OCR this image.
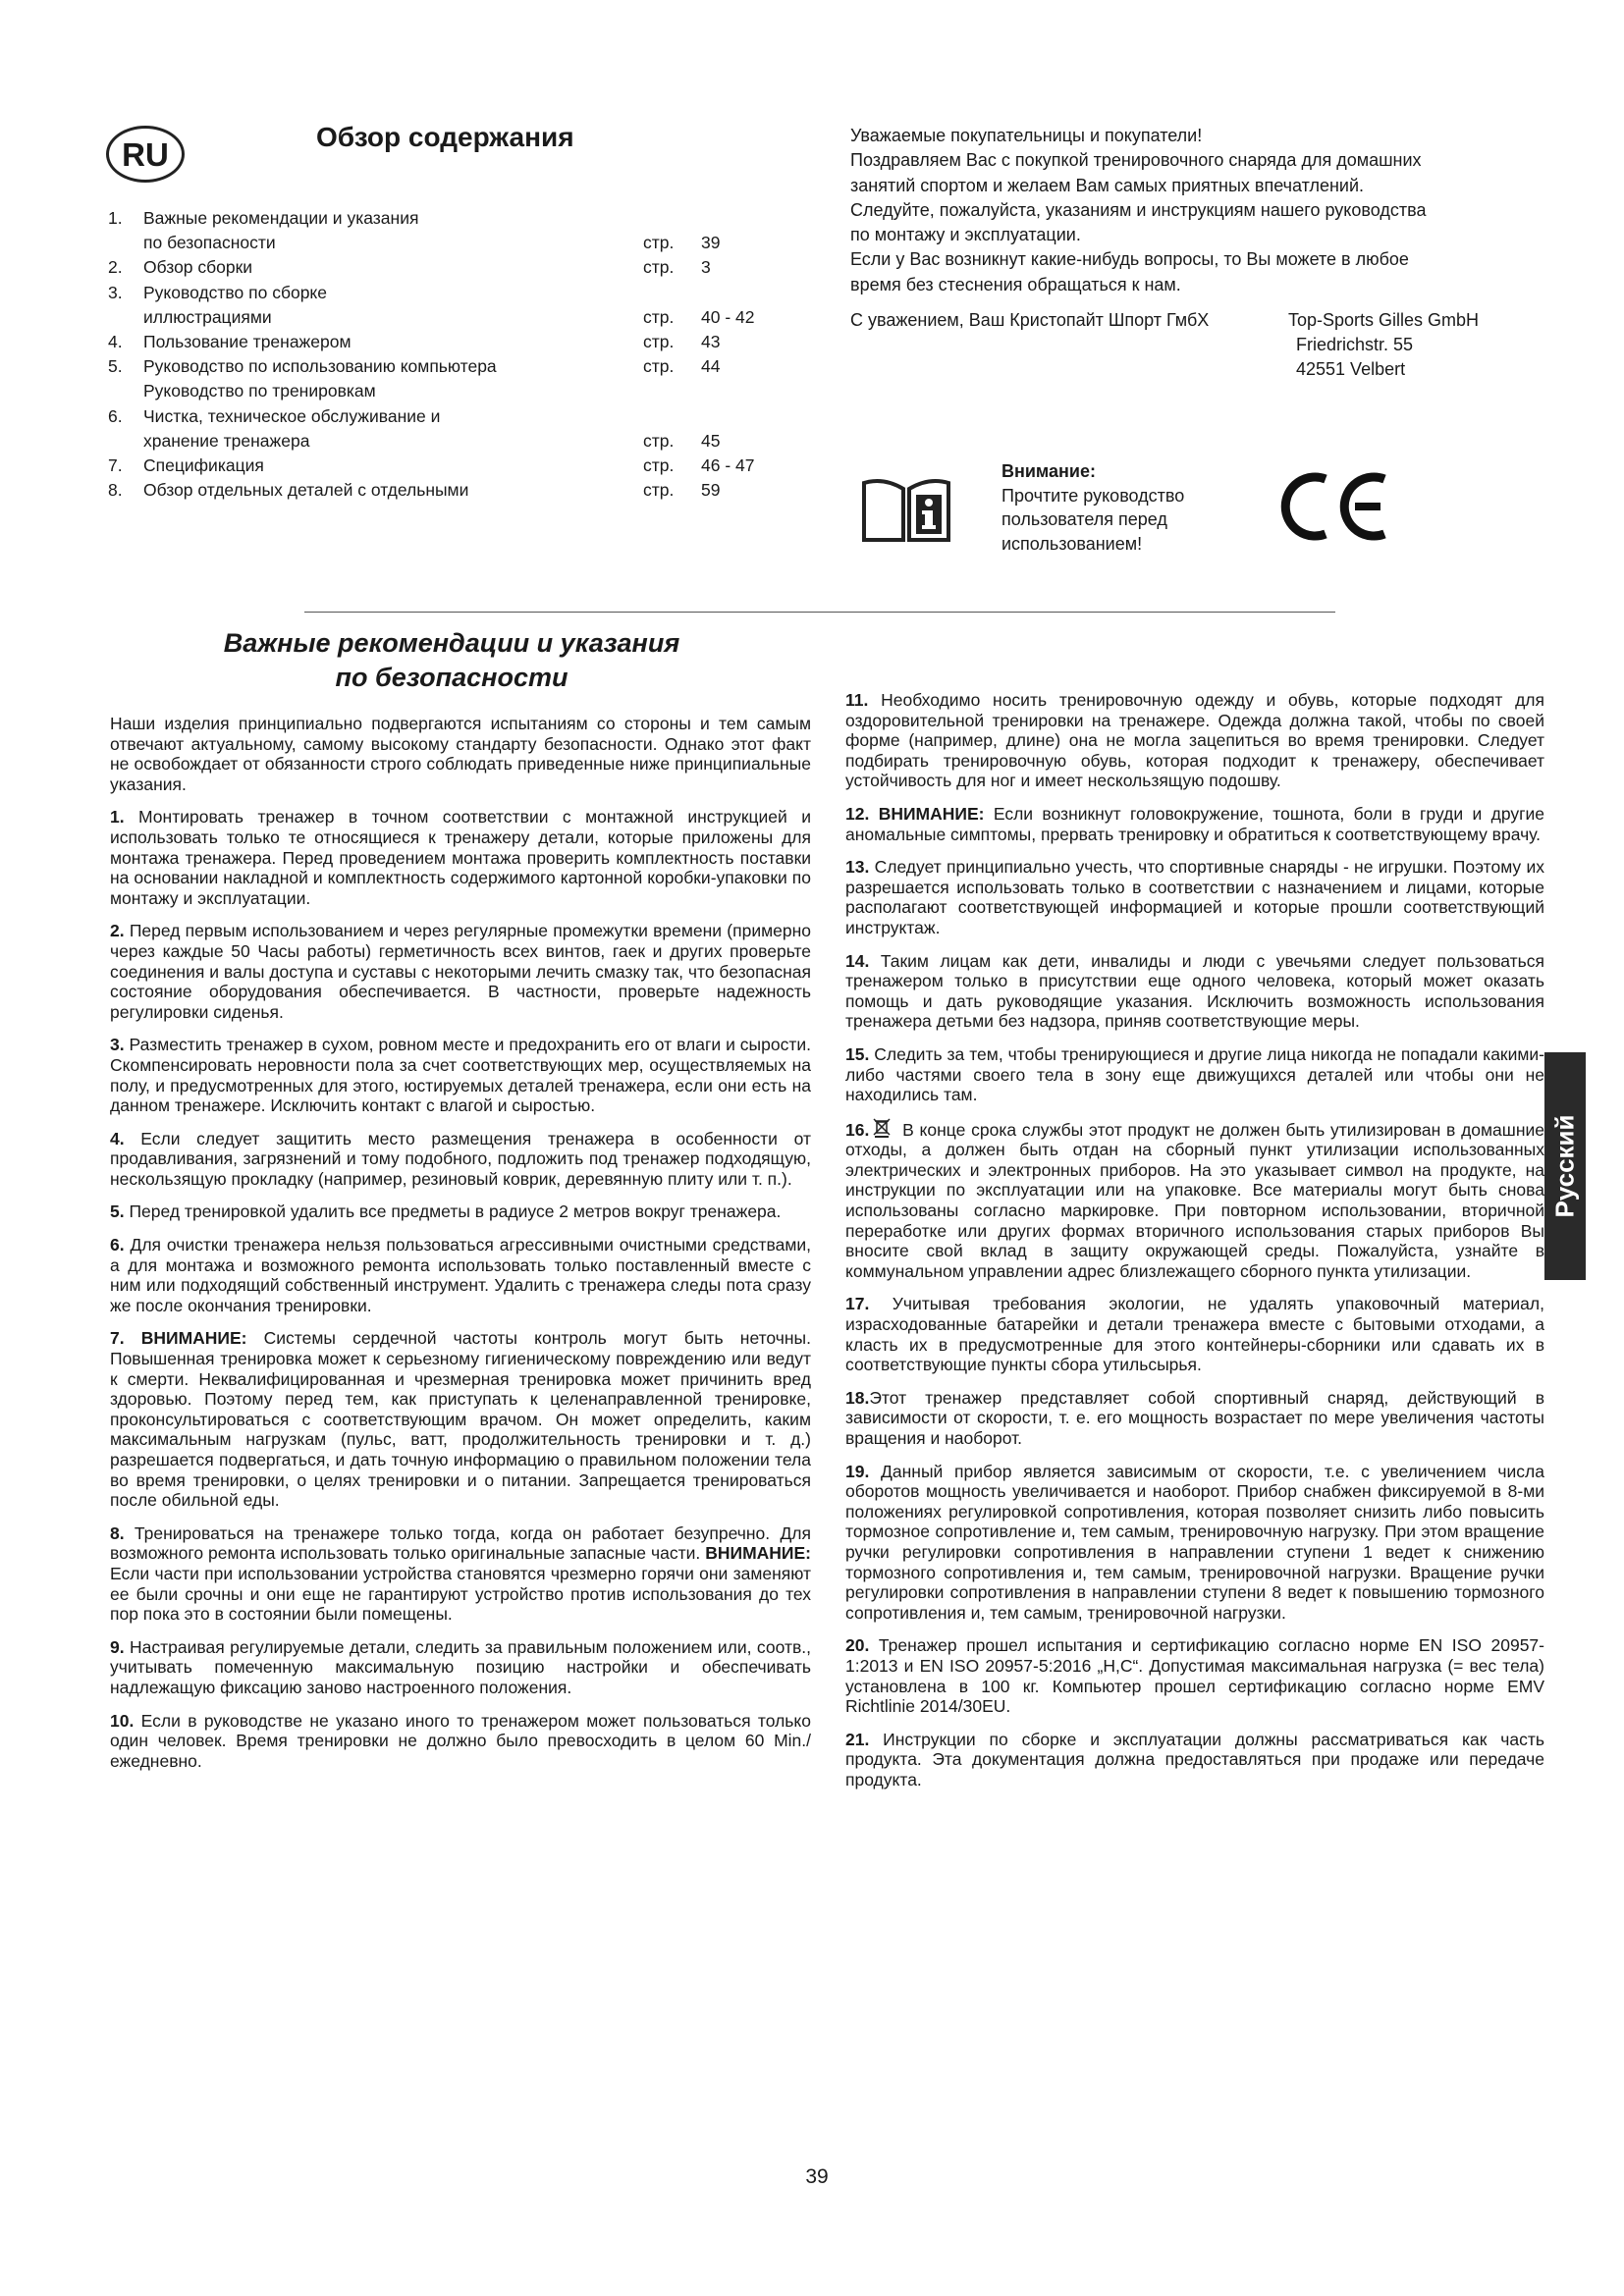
RU	Обзор содержания
1. Важные рекомендации и указания
по безопасности	стр. 39
2. Обзор сборки	стр. 3
3. Руководство по сборке
иллюстрациями	стр. 40 - 42
4. Пользование тренажером	стр. 43
5. Руководство по использованию компьютера	стр. 44
Руководство по тренировкам
6. Чистка, техническое обслуживание и
хранение тренажера	стр. 45
7. Спецификация	стр. 46 - 47
8. Обзор отдельных деталей с отдельными	стр. 59
Уважаемые покупательницы и покупатели!
Поздравляем Вас с покупкой тренировочного снаряда для домашних
занятий спортом и желаем Вам самых приятных впечатлений.
Следуйте, пожалуйста, указаниям и инструкциям нашего руководства
по монтажу и эксплуатации.
Если у Вас возникнут какие-нибудь вопросы, то Вы можете в любое
время без стеснения обращаться к нам.
С уважением, Ваш Кристопайт Шпорт ГмбХ	Top-Sports Gilles GmbH
Friedrichstr. 55
42551 Velbert
Внимание:
Прочтите руководство
пользователя перед
использованием!
Важные рекомендации и указания
по безопасности

Наши изделия принципиально подвергаются испытаниям со стороны и тем самым отвечают актуальному, самому высокому стандарту безопасности. Однако этот факт не освобождает от обязанности строго соблюдать приведенные ниже принципиальные указания.

1. Монтировать тренажер в точном соответствии с монтажной инструкцией и использовать только те относящиеся к тренажеру детали, которые приложены для монтажа тренажера. Перед проведением монтажа проверить комплектность поставки на основании накладной и комплектность содержимого картонной коробки-упаковки по монтажу и эксплуатации.

2. Перед первым использованием и через регулярные промежутки времени (примерно через каждые 50 Часы работы) герметичность всех винтов, гаек и других проверьте соединения и валы доступа и суставы с некоторыми лечить смазку так, что безопасная состояние оборудования обеспечивается. В частности, проверьте надежность регулировки сиденья.

3. Разместить тренажер в сухом, ровном месте и предохранить его от влаги и сырости. Скомпенсировать неровности пола за счет соответствующих мер, осуществляемых на полу, и предусмотренных для этого, юстируемых деталей тренажера, если они есть на данном тренажере. Исключить контакт с влагой и сыростью.

4. Если следует защитить место размещения тренажера в особенности от продавливания, загрязнений и тому подобного, подложить под тренажер подходящую, нескользящую прокладку (например, резиновый коврик, деревянную плиту или т. п.).

5. Перед тренировкой удалить все предметы в радиусе 2 метров вокруг тренажера.

6. Для очистки тренажера нельзя пользоваться агрессивными очистными средствами, а для монтажа и возможного ремонта использовать только поставленный вместе с ним или подходящий собственный инструмент. Удалить с тренажера следы пота сразу же после окончания тренировки.

7. ВНИМАНИЕ: Системы сердечной частоты контроль могут быть неточны. Повышенная тренировка может к серьезному гигиеническому повреждению или ведут к смерти. Неквалифицированная и чрезмерная тренировка может причинить вред здоровью. Поэтому перед тем, как приступать к целенаправленной тренировке, проконсультироваться с соответствующим врачом. Он может определить, каким максимальным нагрузкам (пульс, ватт, продолжительность тренировки и т. д.) разрешается подвергаться, и дать точную информацию о правильном положении тела во время тренировки, о целях тренировки и о питании. Запрещается тренироваться после обильной еды.

8. Тренироваться на тренажере только тогда, когда он работает безупречно. Для возможного ремонта использовать только оригинальные запасные части. ВНИМАНИЕ: Если части при использовании устройства становятся чрезмерно горячи они заменяют ее были срочны и они еще не гарантируют устройство против использования до тех пор пока это в состоянии были помещены.

9. Настраивая регулируемые детали, следить за правильным положением или, соотв., учитывать помеченную максимальную позицию настройки и обеспечивать надлежащую фиксацию заново настроенного положения.

10. Если в руководстве не указано иного то тренажером может пользоваться только один человек. Время тренировки не должно было превосходить в целом 60 Min./ежедневно.

11. Необходимо носить тренировочную одежду и обувь, которые подходят для оздоровительной тренировки на тренажере. Одежда должна такой, чтобы по своей форме (например, длине) она не могла зацепиться во время тренировки. Следует подбирать тренировочную обувь, которая подходит к тренажеру, обеспечивает устойчивость для ног и имеет нескользящую подошву.

12. ВНИМАНИЕ: Если возникнут головокружение, тошнота, боли в груди и другие аномальные симптомы, прервать тренировку и обратиться к соответствующему врачу.

13. Следует принципиально учесть, что спортивные снаряды - не игрушки. Поэтому их разрешается использовать только в соответствии с назначением и лицами, которые располагают соответствующей информацией и которые прошли соответствующий инструктаж.

14. Таким лицам как дети, инвалиды и люди с увечьями следует пользоваться тренажером только в присутствии еще одного человека, который может оказать помощь и дать руководящие указания. Исключить возможность использования тренажера детьми без надзора, приняв соответствующие меры.

15. Следить за тем, чтобы тренирующиеся и другие лица никогда не попадали какими-либо частями своего тела в зону еще движущихся деталей или чтобы они не находились там.

16. В конце срока службы этот продукт не должен быть утилизирован в домашние отходы, а должен быть отдан на сборный пункт утилизации использованных электрических и электронных приборов. На это указывает символ на продукте, на инструкции по эксплуатации или на упаковке. Все материалы могут быть снова использованы согласно маркировке. При повторном использовании, вторичной переработке или других формах вторичного использования старых приборов Вы вносите свой вклад в защиту окружающей среды. Пожалуйста, узнайте в коммунальном управлении адрес близлежащего сборного пункта утилизации.

17. Учитывая требования экологии, не удалять упаковочный материал, израсходованные батарейки и детали тренажера вместе с бытовыми отходами, а класть их в предусмотренные для этого контейнеры-сборники или сдавать их в соответствующие пункты сбора утильсырья.

18.Этот тренажер представляет собой спортивный снаряд, действующий в зависимости от скорости, т. е. его мощность возрастает по мере увеличения частоты вращения и наоборот.

19. Данный прибор является зависимым от скорости, т.е. с увеличением числа оборотов мощность увеличивается и наоборот. Прибор снабжен фиксируемой в 8-ми положениях регулировкой сопротивления, которая позволяет снизить либо повысить тормозное сопротивление и, тем самым, тренировочную нагрузку. При этом вращение ручки регулировки сопротивления в направлении ступени 1 ведет к снижению тормозного сопротивления и, тем самым, тренировочной нагрузки. Вращение ручки регулировки сопротивления в направлении ступени 8 ведет к повышению тормозного сопротивления и, тем самым, тренировочной нагрузки.

20. Тренажер прошел испытания и сертификацию согласно норме EN ISO 20957-1:2013 и EN ISO 20957-5:2016 „H,C“. Допустимая максимальная нагрузка (= вес тела) установлена в 100 кг. Компьютер прошел сертификацию согласно норме EMV Richtlinie 2014/30EU.

21. Инструкции по сборке и эксплуатации должны рассматриваться как часть продукта. Эта документация должна предоставляться при продаже или передаче продукта.

Русский
39
